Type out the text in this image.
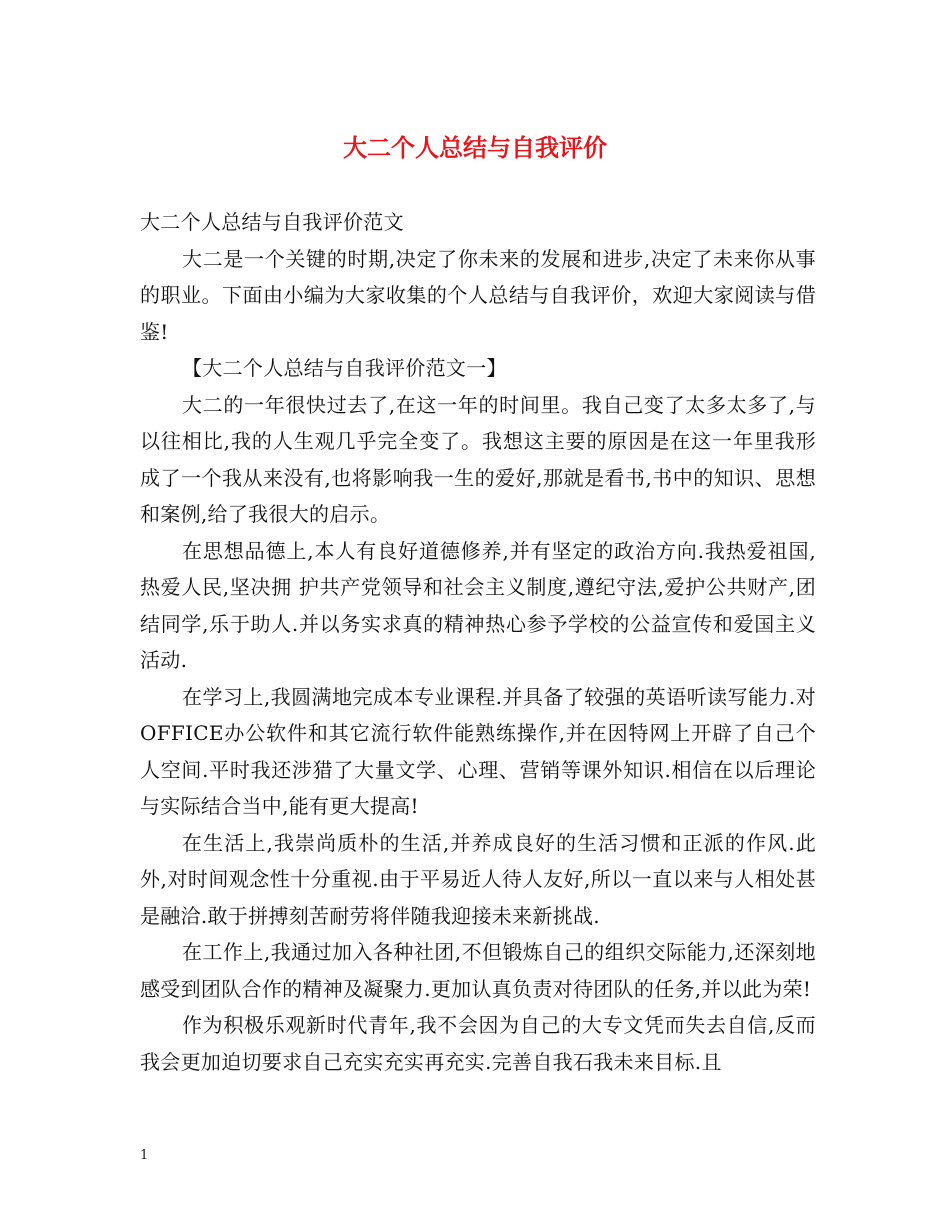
大二个人总结与自我评价

大二个人总结与自我评价范文

大二是一个关键的时期,决定了你未来的发展和进步,决定了未来你从事的职业。下面由小编为大家收集的个人总结与自我评价，欢迎大家阅读与借鉴!

【大二个人总结与自我评价范文一】

大二的一年很快过去了,在这一年的时间里。我自己变了太多太多了,与以往相比,我的人生观几乎完全变了。我想这主要的原因是在这一年里我形成了一个我从来没有,也将影响我一生的爱好,那就是看书,书中的知识、思想和案例,给了我很大的启示。

在思想品德上,本人有良好道德修养,并有坚定的政治方向.我热爱祖国,热爱人民,坚决拥 护共产党领导和社会主义制度,遵纪守法,爱护公共财产,团结同学,乐于助人.并以务实求真的精神热心参予学校的公益宣传和爱国主义活动.

在学习上,我圆满地完成本专业课程.并具备了较强的英语听读写能力.对OFFICE办公软件和其它流行软件能熟练操作,并在因特网上开辟了自己个人空间.平时我还涉猎了大量文学、心理、营销等课外知识.相信在以后理论与实际结合当中,能有更大提高!

在生活上,我崇尚质朴的生活,并养成良好的生活习惯和正派的作风.此外,对时间观念性十分重视.由于平易近人待人友好,所以一直以来与人相处甚是融洽.敢于拼搏刻苦耐劳将伴随我迎接未来新挑战.

在工作上,我通过加入各种社团,不但锻炼自己的组织交际能力,还深刻地感受到团队合作的精神及凝聚力.更加认真负责对待团队的任务,并以此为荣!

作为积极乐观新时代青年,我不会因为自己的大专文凭而失去自信,反而我会更加迫切要求自己充实充实再充实.完善自我石我未来目标.且

1
